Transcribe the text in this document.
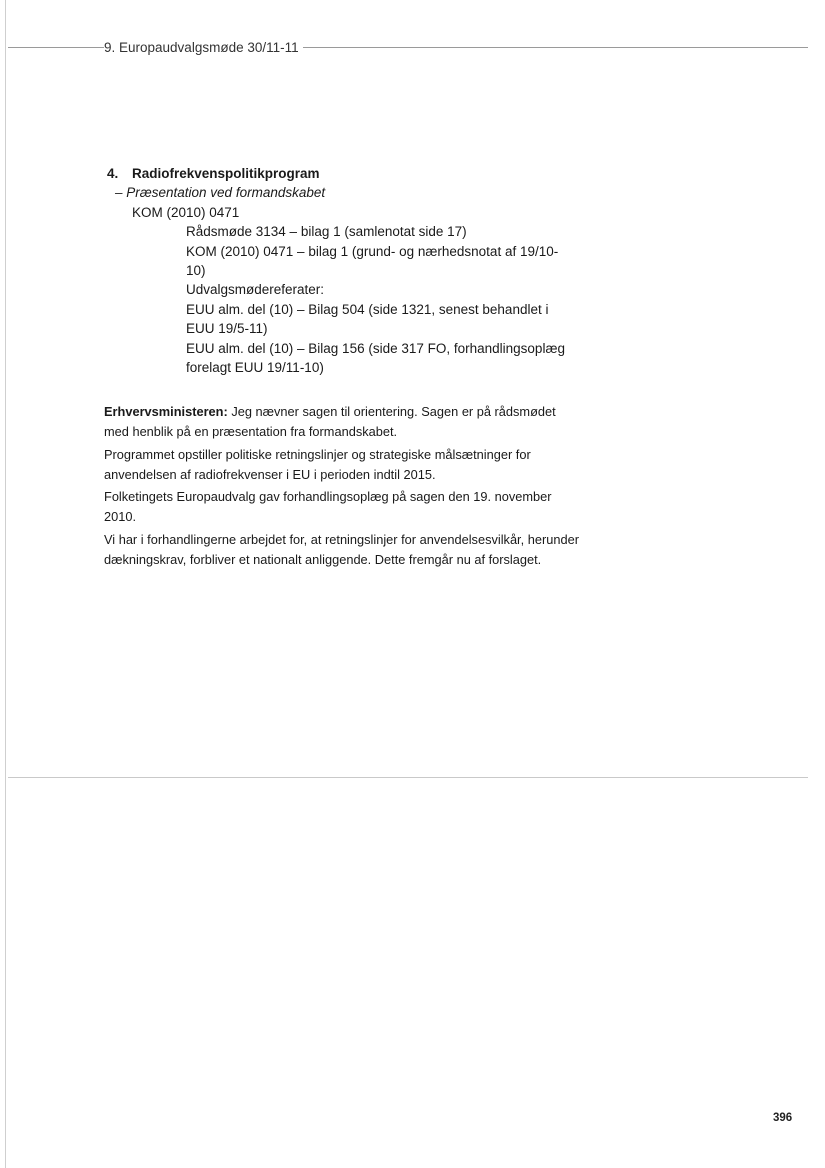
9. Europaudvalgsmøde 30/11-11
4. Radiofrekvenspolitikprogram
– Præsentation ved formandskabet
KOM (2010) 0471
Rådsmøde 3134 – bilag 1 (samlenotat side 17)
KOM (2010) 0471 – bilag 1 (grund- og nærhedsnotat af 19/10-
10)
Udvalgsmødereferater:
EUU alm. del (10) – Bilag 504 (side 1321, senest behandlet i
EUU 19/5-11)
EUU alm. del (10) – Bilag 156 (side 317 FO, forhandlingsoplæg
forelagt EUU 19/11-10)

Erhvervsministeren: Jeg nævner sagen til orientering. Sagen er på rådsmødet med henblik på en præsentation fra formandskabet.

Programmet opstiller politiske retningslinjer og strategiske målsætninger for anvendelsen af radiofrekvenser i EU i perioden indtil 2015.

Folketingets Europaudvalg gav forhandlingsoplæg på sagen den 19. november 2010.

Vi har i forhandlingerne arbejdet for, at retningslinjer for anvendelsesvilkår, herunder dækningskrav, forbliver et nationalt anliggende. Dette fremgår nu af forslaget.

396
